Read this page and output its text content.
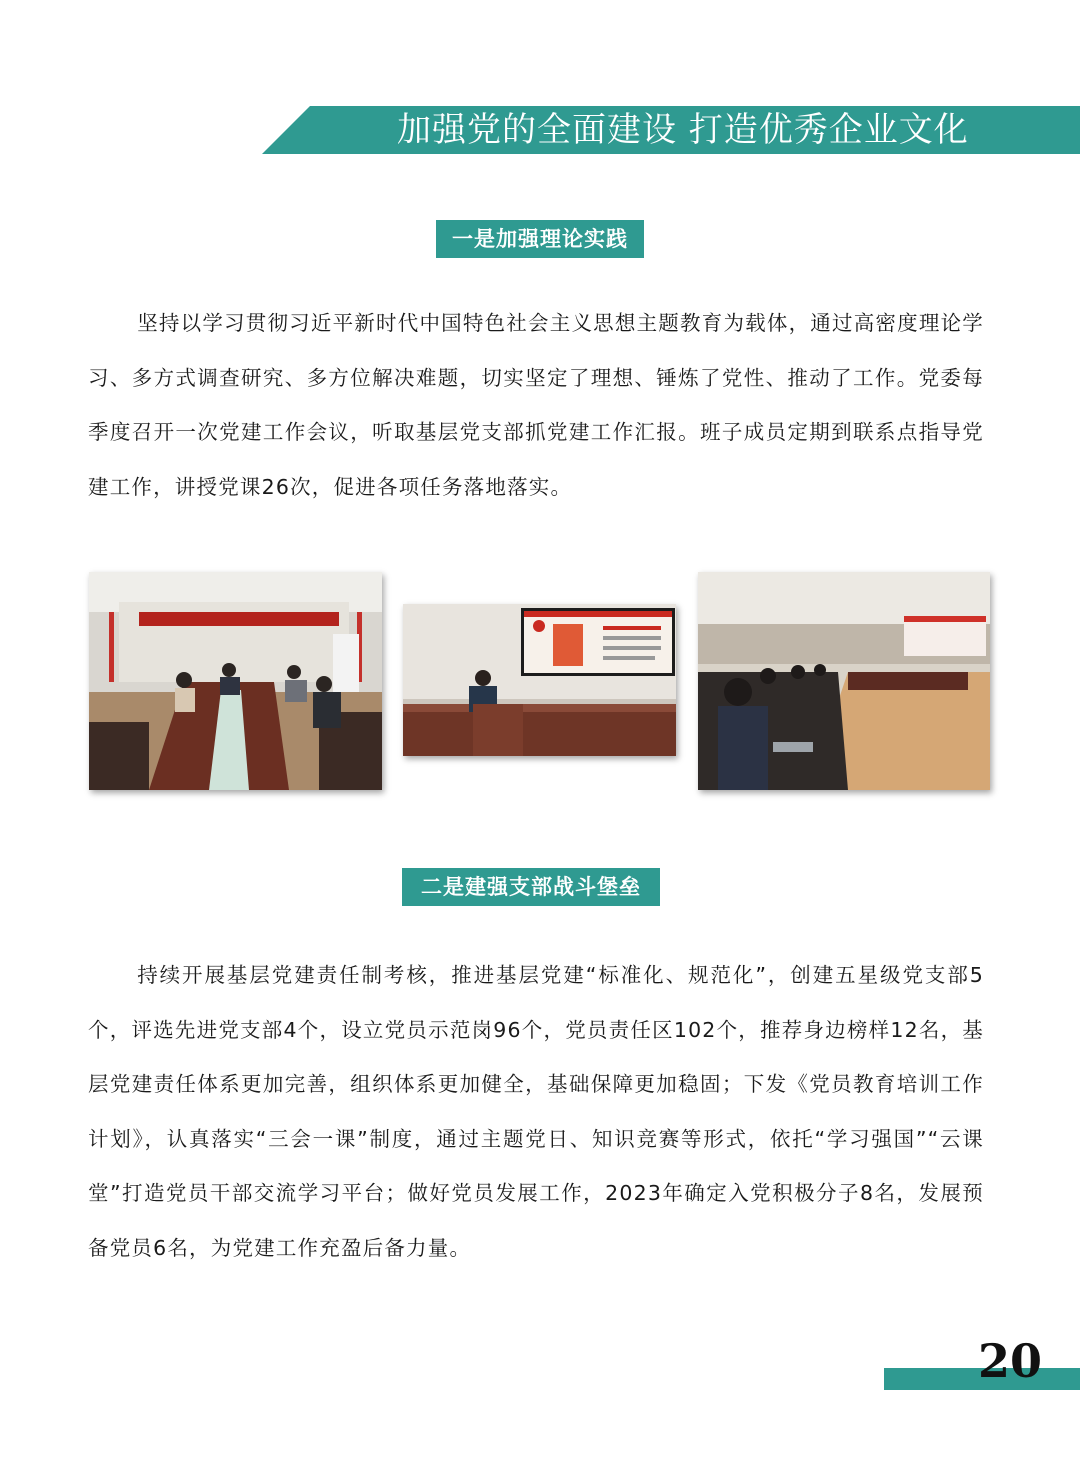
加强党的全面建设 打造优秀企业文化
一是加强理论实践

坚持以学习贯彻习近平新时代中国特色社会主义思想主题教育为载体，通过高密度理论学习、多方式调查研究、多方位解决难题，切实坚定了理想、锤炼了党性、推动了工作。党委每季度召开一次党建工作会议，听取基层党支部抓党建工作汇报。班子成员定期到联系点指导党建工作，讲授党课26次，促进各项任务落地落实。

二是建强支部战斗堡垒

持续开展基层党建责任制考核，推进基层党建“标准化、规范化”，创建五星级党支部5个，评选先进党支部4个，设立党员示范岗96个，党员责任区102个，推荐身边榜样12名，基层党建责任体系更加完善，组织体系更加健全，基础保障更加稳固；下发《党员教育培训工作计划》，认真落实“三会一课”制度，通过主题党日、知识竞赛等形式，依托“学习强国”“云课堂”打造党员干部交流学习平台；做好党员发展工作，2023年确定入党积极分子8名，发展预备党员6名，为党建工作充盈后备力量。

20
